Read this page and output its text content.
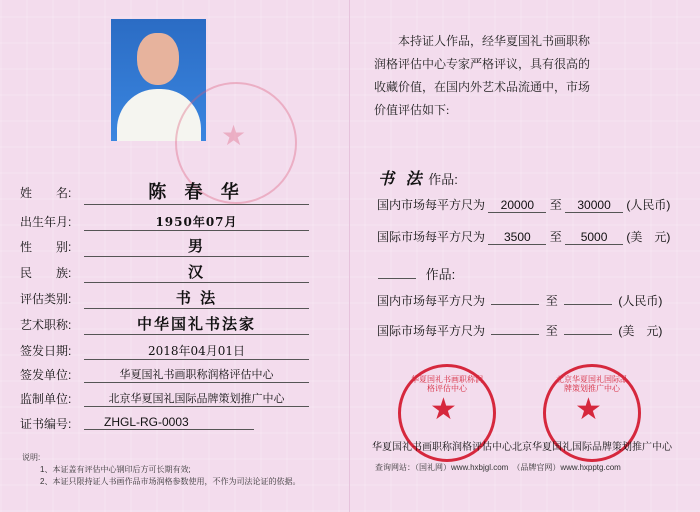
★
姓　　名:	陈 春 华
出生年月:	1950年07月
性　　别:	男
民　　族:	汉
评估类别:	书 法
艺术职称:	中华国礼书法家
签发日期:	2018年04月01日
签发单位:	华夏国礼书画职称润格评估中心
监制单位:	北京华夏国礼国际品牌策划推广中心
证书编号:	ZHGL-RG-0003
说明:
1、本证盖有评估中心钢印后方可长期有效;
2、本证只限持证人书画作品市场润格参数使用，不作为司法论证的依据。
本持证人作品，经华夏国礼书画职称
润格评估中心专家严格评议，具有很高的
收藏价值，在国内外艺术品流通中，市场
价值评估如下:
书 法 作品:
国内市场每平方尺为 20000 至 30000 (人民币)
国际市场每平方尺为 3500 至 5000 (美　元)
作品:
国内市场每平方尺为	至	(人民币)
国际市场每平方尺为	至	(美　元)
华夏国礼书画职称润格评估中心
★
北京华夏国礼国际品牌策划推广中心
★
华夏国礼书画职称润格评估中心 北京华夏国礼国际品牌策划推广中心
查询网站：（国礼网）www.hxbjgl.com　（品牌官网）www.hxpptg.com
